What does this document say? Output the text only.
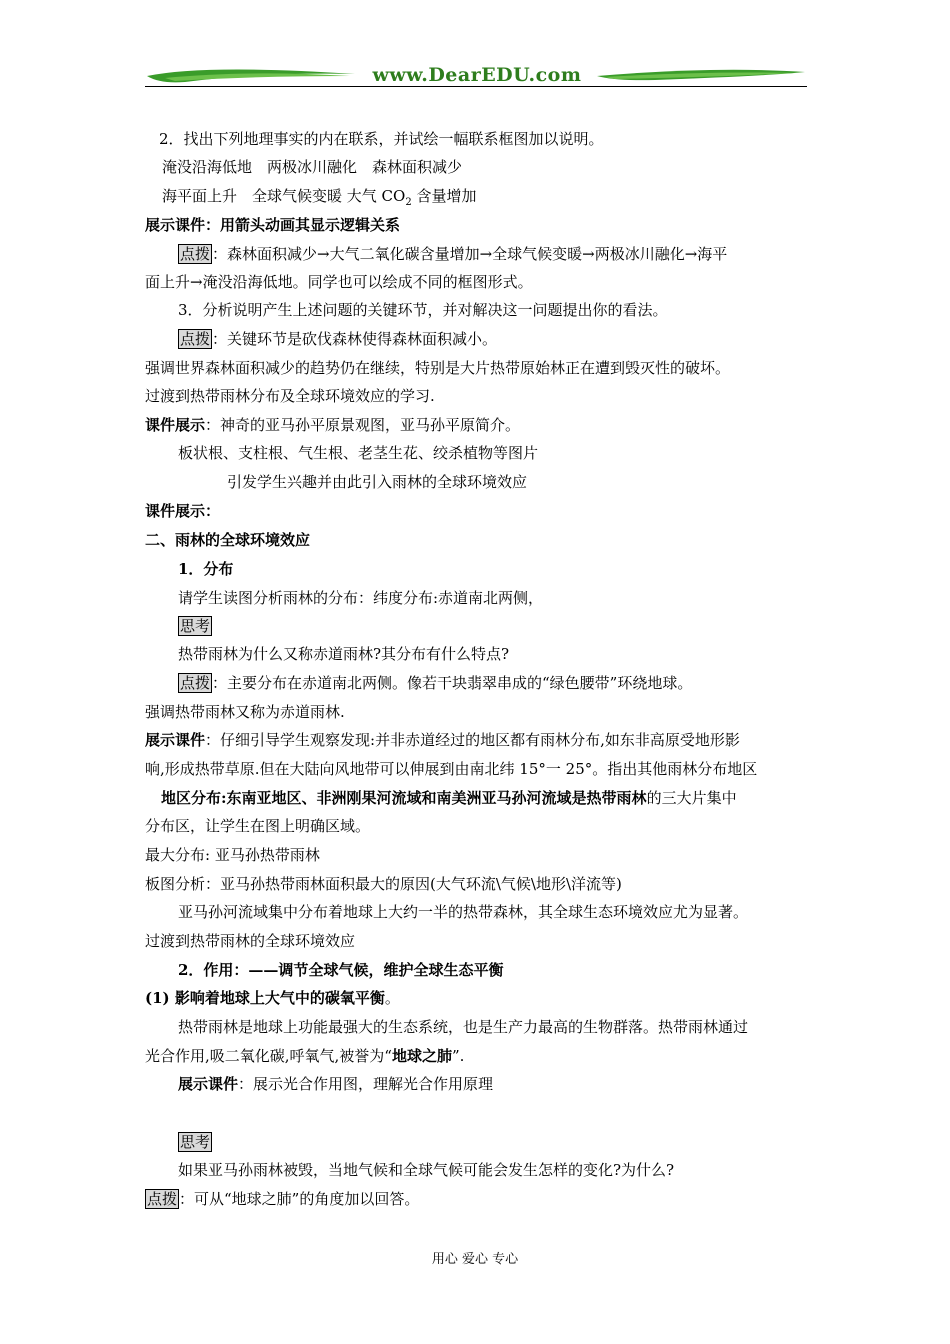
www.DearEDU.com
2．找出下列地理事实的内在联系，并试绘一幅联系框图加以说明。
淹没沿海低地　两极冰川融化　森林面积减少
海平面上升　全球气候变暖 大气 $CO_2$ 含量增加
展示课件：用箭头动画其显示逻辑关系
点拨 ：森林面积减少→大气二氧化碳含量增加→全球气候变暖→两极冰川融化→海平
面上升→淹没沿海低地。同学也可以绘成不同的框图形式。
3．分析说明产生上述问题的关键环节，并对解决这一问题提出你的看法。
点拨 ：关键环节是砍伐森林使得森林面积减小。
强调世界森林面积减少的趋势仍在继续，特别是大片热带原始林正在遭到毁灭性的破坏。
过渡到热带雨林分布及全球环境效应的学习.
课件展示：神奇的亚马孙平原景观图，亚马孙平原简介。
板状根、支柱根、气生根、老茎生花、绞杀植物等图片
引发学生兴趣并由此引入雨林的全球环境效应
课件展示：
二、雨林的全球环境效应
1．分布
请学生读图分析雨林的分布：纬度分布:赤道南北两侧，
思考
热带雨林为什么又称赤道雨林?其分布有什么特点?
点拨 ：主要分布在赤道南北两侧。像若干块翡翠串成的“绿色腰带”环绕地球。
强调热带雨林又称为赤道雨林.
展示课件：仔细引导学生观察发现:并非赤道经过的地区都有雨林分布,如东非高原受地形影
响,形成热带草原.但在大陆向风地带可以伸展到由南北纬 15°一 25°。指出其他雨林分布地区
地区分布:东南亚地区、非洲刚果河流域和南美洲亚马孙河流域是热带雨林的三大片集中
分布区，让学生在图上明确区域。
最大分布: 亚马孙热带雨林
板图分析：亚马孙热带雨林面积最大的原因(大气环流\气候\地形\洋流等)
亚马孙河流域集中分布着地球上大约一半的热带森林，其全球生态环境效应尤为显著。
过渡到热带雨林的全球环境效应
2．作用：——调节全球气候，维护全球生态平衡
(1) 影响着地球上大气中的碳氧平衡。
热带雨林是地球上功能最强大的生态系统，也是生产力最高的生物群落。热带雨林通过
光合作用,吸二氧化碳,呼氧气,被誉为“地球之肺”.
展示课件：展示光合作用图，理解光合作用原理
思考
如果亚马孙雨林被毁，当地气候和全球气候可能会发生怎样的变化?为什么?
点拨 ：可从“地球之肺”的角度加以回答。
用心 爱心 专心
